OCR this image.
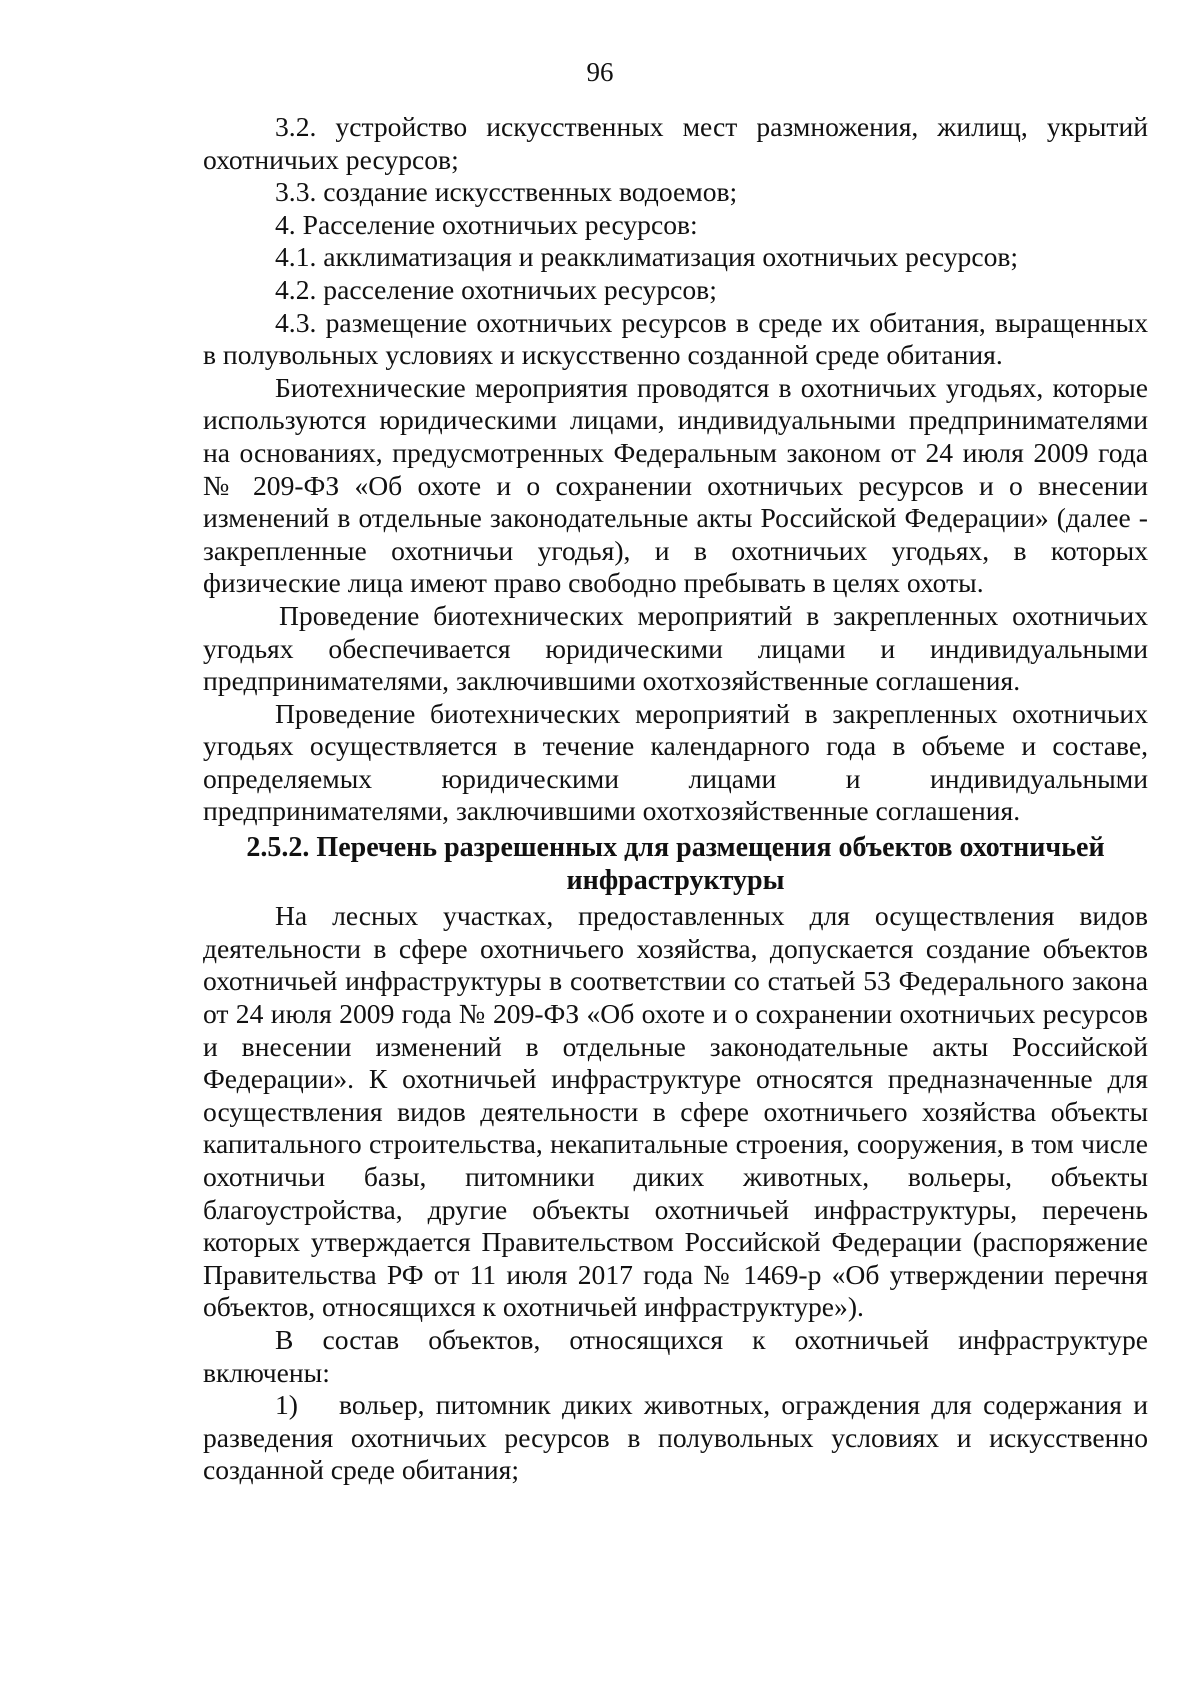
96

3.2. устройство искусственных мест размножения, жилищ, укрытий охотничьих ресурсов;

3.3. создание искусственных водоемов;

4. Расселение охотничьих ресурсов:

4.1. акклиматизация и реакклиматизация охотничьих ресурсов;

4.2. расселение охотничьих ресурсов;

4.3. размещение охотничьих ресурсов в среде их обитания, выращенных в полувольных условиях и искусственно созданной среде обитания.

Биотехнические мероприятия проводятся в охотничьих угодьях, которые используются юридическими лицами, индивидуальными предпринимателями на основаниях, предусмотренных Федеральным законом от 24 июля 2009 года № 209-ФЗ «Об охоте и о сохранении охотничьих ресурсов и о внесении изменений в отдельные законодательные акты Российской Федерации» (далее - закрепленные охотничьи угодья), и в охотничьих угодьях, в которых физические лица имеют право свободно пребывать в целях охоты.

Проведение биотехнических мероприятий в закрепленных охотничьих угодьях обеспечивается юридическими лицами и индивидуальными предпринимателями, заключившими охотхозяйственные соглашения.

Проведение биотехнических мероприятий в закрепленных охотничьих угодьях осуществляется в течение календарного года в объеме и составе, определяемых юридическими лицами и индивидуальными предпринимателями, заключившими охотхозяйственные соглашения.

2.5.2. Перечень разрешенных для размещения объектов охотничьей инфраструктуры

На лесных участках, предоставленных для осуществления видов деятельности в сфере охотничьего хозяйства, допускается создание объектов охотничьей инфраструктуры в соответствии со статьей 53 Федерального закона от 24 июля 2009 года № 209-ФЗ «Об охоте и о сохранении охотничьих ресурсов и внесении изменений в отдельные законодательные акты Российской Федерации». К охотничьей инфраструктуре относятся предназначенные для осуществления видов деятельности в сфере охотничьего хозяйства объекты капитального строительства, некапитальные строения, сооружения, в том числе охотничьи базы, питомники диких животных, вольеры, объекты благоустройства, другие объекты охотничьей инфраструктуры, перечень которых утверждается Правительством Российской Федерации (распоряжение Правительства РФ от 11 июля 2017 года № 1469-р «Об утверждении перечня объектов, относящихся к охотничьей инфраструктуре»).

В состав объектов, относящихся к охотничьей инфраструктуре включены:

1) вольер, питомник диких животных, ограждения для содержания и разведения охотничьих ресурсов в полувольных условиях и искусственно созданной среде обитания;
